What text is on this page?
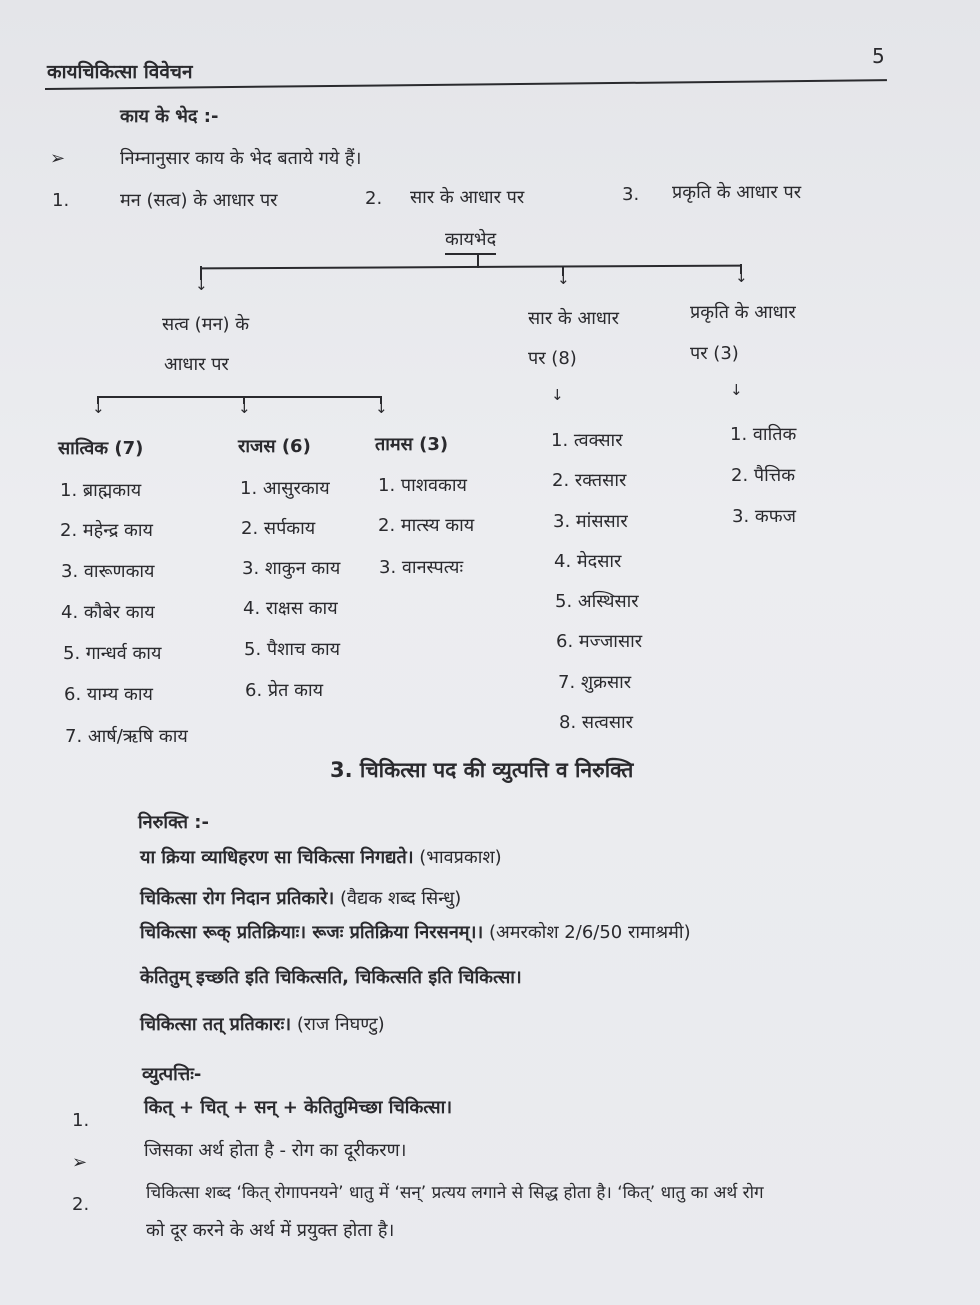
कायचिकित्सा विवेचन
5
काय के भेद :-
➢	निम्नानुसार काय के भेद बताये गये हैं।
1.	मन (सत्व) के आधार पर	2. सार के आधार पर	3. प्रकृति के आधार पर
कायभेद
↓	↓	↓
सत्व (मन) के
आधार पर
सार के आधार
पर (8)
प्रकृति के आधार
पर (3)
↓	↓	↓
↓	↓
सात्विक (7)	राजस (6)	तामस (3)
1. ब्राह्मकाय
2. महेन्द्र काय
3. वारूणकाय
4. कौबेर काय
5. गान्धर्व काय
6. याम्य काय
7. आर्ष/ऋषि काय
1. आसुरकाय
2. सर्पकाय
3. शाकुन काय
4. राक्षस काय
5. पैशाच काय
6. प्रेत काय
1. पाशवकाय
2. मात्स्य काय
3. वानस्पत्यः
1. त्वक्सार
2. रक्तसार
3. मांससार
4. मेदसार
5. अस्थिसार
6. मज्जासार
7. शुक्रसार
8. सत्वसार
1. वातिक
2. पैत्तिक
3. कफज
3. चिकित्सा पद की व्युत्पत्ति व निरुक्ति
निरुक्ति :-
या क्रिया व्याधिहरण सा चिकित्सा निगद्यते। (भावप्रकाश)
चिकित्सा रोग निदान प्रतिकारे। (वैद्यक शब्द सिन्धु)
चिकित्सा रूक् प्रतिक्रियाः। रूजः प्रतिक्रिया निरसनम्।। (अमरकोश 2/6/50 रामाश्रमी)
केतितुम् इच्छति इति चिकित्सति, चिकित्सति इति चिकित्सा।
चिकित्सा तत् प्रतिकारः। (राज निघण्टु)
व्युत्पत्तिः-
1.
कित् + चित् + सन् + केतितुमिच्छा चिकित्सा।
➢
जिसका अर्थ होता है - रोग का दूरीकरण।
2.
चिकित्सा शब्द ‘कित् रोगापनयने’ धातु में ‘सन्’ प्रत्यय लगाने से सिद्ध होता है। ‘कित्’ धातु का अर्थ रोग
को दूर करने के अर्थ में प्रयुक्त होता है।
